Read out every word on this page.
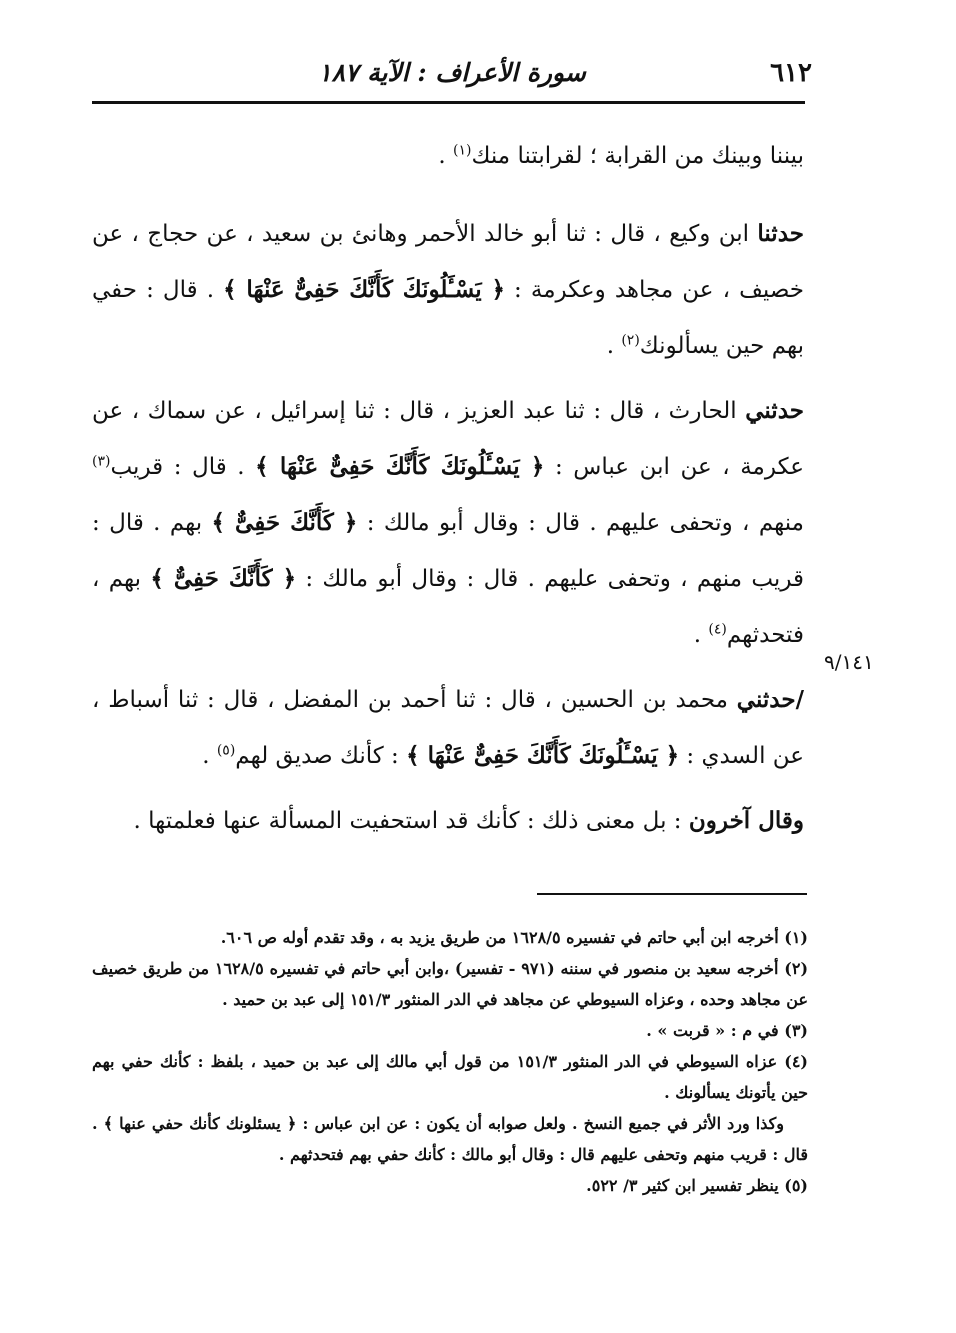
٦١٢
سورة الأعراف : الآية ١٨٧

بيننا وبينك من القرابة ؛ لقرابتنا منك$^{(١)}$ .

حدثنا ابن وكيع ، قال : ثنا أبو خالد الأحمر وهانئ بن سعيد ، عن حجاج ، عن خصيف ، عن مجاهد وعكرمة : ﴿ يَسْـَٔلُونَكَ كَأَنَّكَ حَفِىٌّ عَنْهَا ﴾ . قال : حفي بهم حين يسألونك$^{(٢)}$ .

حدثني الحارث ، قال : ثنا عبد العزيز ، قال : ثنا إسرائيل ، عن سماك ، عن عكرمة ، عن ابن عباس : ﴿ يَسْـَٔلُونَكَ كَأَنَّكَ حَفِىٌّ عَنْهَا ﴾ . قال : قريب$^{(٣)}$ منهم ، وتحفى عليهم . قال : وقال أبو مالك : ﴿ كَأَنَّكَ حَفِىٌّ ﴾ بهم . قال : قريب منهم ، وتحفى عليهم . قال : وقال أبو مالك : ﴿ كَأَنَّكَ حَفِىٌّ ﴾ بهم ، فتحدثهم$^{(٤)}$ .

/حدثني محمد بن الحسين ، قال : ثنا أحمد بن المفضل ، قال : ثنا أسباط ، عن السدي : ﴿ يَسْـَٔلُونَكَ كَأَنَّكَ حَفِىٌّ عَنْهَا ﴾ : كأنك صديق لهم$^{(٥)}$ .

وقال آخرون : بل معنى ذلك : كأنك قد استحفيت المسألة عنها فعلمتها .

٩/١٤١

(١) أخرجه ابن أبي حاتم في تفسيره ١٦٢٨/٥ من طريق يزيد به ، وقد تقدم أوله ص ٦٠٦.

(٢) أخرجه سعيد بن منصور في سننه (٩٧١ - تفسير) ،وابن أبي حاتم في تفسيره ١٦٢٨/٥ من طريق خصيف عن مجاهد وحده ، وعزاه السيوطي عن مجاهد في الدر المنثور ١٥١/٣ إلى عبد بن حميد .

(٣) في م : « قربت » .

(٤) عزاه السيوطي في الدر المنثور ١٥١/٣ من قول أبي مالك إلى عبد بن حميد ، بلفظ : كأنك حفي بهم حين يأتونك يسألونك .

وكذا ورد الأثر في جميع النسخ . ولعل صوابه أن يكون : عن ابن عباس : ﴿ يسئلونك كأنك حفي عنها ﴾ . قال : قريب منهم وتحفى عليهم قال : وقال أبو مالك : كأنك حفي بهم فتحدثهم .

(٥) ينظر تفسير ابن كثير ٣/ ٥٢٢.
